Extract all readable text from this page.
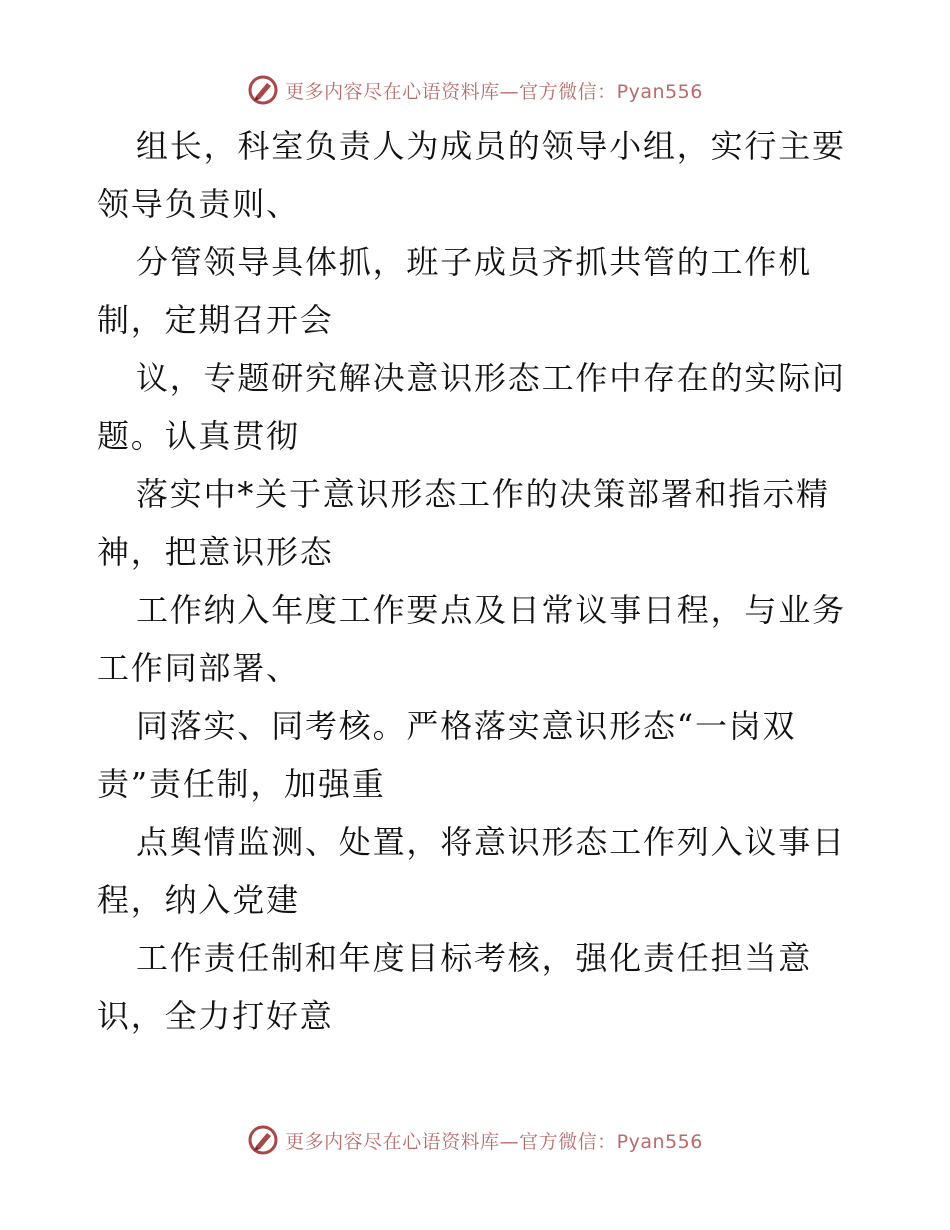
更多内容尽在心语资料库—官方微信：Pyan556
组长，科室负责人为成员的领导小组，实行主要
领导负责则、
分管领导具体抓，班子成员齐抓共管的工作机
制，定期召开会
议，专题研究解决意识形态工作中存在的实际问
题。认真贯彻
落实中*关于意识形态工作的决策部署和指示精
神，把意识形态
工作纳入年度工作要点及日常议事日程，与业务
工作同部署、
同落实、同考核。严格落实意识形态“一岗双
责”责任制，加强重
点舆情监测、处置，将意识形态工作列入议事日
程，纳入党建
工作责任制和年度目标考核，强化责任担当意
识，全力打好意
更多内容尽在心语资料库—官方微信：Pyan556
